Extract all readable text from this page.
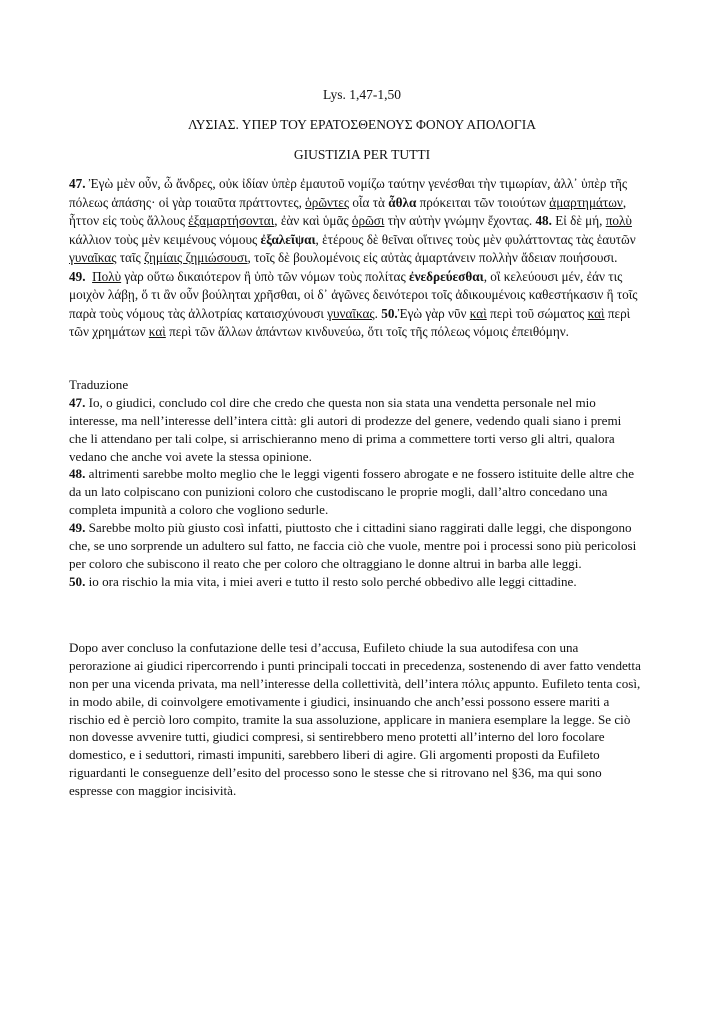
Lys. 1,47-1,50
ΛΥΣΙΑΣ. ΥΠΕΡ ΤΟΥ ΕΡΑΤΟΣΘΕΝΟΥΣ ΦΟΝΟΥ ΑΠΟΛΟΓΙΑ
GIUSTIZIA PER TUTTI
47. Ἐγὼ μὲν οὖν, ὦ ἄνδρες, οὐκ ἰδίαν ὑπὲρ ἐμαυτοῦ νομίζω ταύτην γενέσθαι τὴν τιμωρίαν, ἀλλ᾽ ὑπὲρ τῆς
πόλεως ἁπάσης· οἱ γὰρ τοιαῦτα πράττοντες, ὁρῶντες οἷα τὰ ἆθλα πρόκειται τῶν τοιούτων ἁμαρτημάτων,
ἧττον εἰς τοὺς ἄλλους ἐξαμαρτήσονται, ἐὰν καὶ ὑμᾶς ὁρῶσι τὴν αὐτὴν γνώμην ἔχοντας. 48. Εἰ δὲ μή, πολὺ
κάλλιον τοὺς μὲν κειμένους νόμους ἐξαλεῖψαι, ἑτέρους δὲ θεῖναι οἵτινες τοὺς μὲν φυλάττοντας τὰς ἑαυτῶν
γυναῖκας ταῖς ζημίαις ζημιώσουσι, τοῖς δὲ βουλομένοις εἰς αὐτὰς ἁμαρτάνειν πολλὴν ἄδειαν ποιήσουσι.
49. Πολὺ γὰρ οὕτω δικαιότερον ἢ ὑπὸ τῶν νόμων τοὺς πολίτας ἐνεδρεύεσθαι, οἳ κελεύουσι μέν, ἐάν τις
μοιχὸν λάβῃ, ὅ τι ἂν οὖν βούληται χρῆσθαι, οἱ δ᾽ ἀγῶνες δεινότεροι τοῖς ἀδικουμένοις καθεστήκασιν ἢ τοῖς
παρὰ τοὺς νόμους τὰς ἀλλοτρίας καταισχύνουσι γυναῖκας. 50.Ἐγὼ γὰρ νῦν καὶ περὶ τοῦ σώματος καὶ περὶ
τῶν χρημάτων καὶ περὶ τῶν ἄλλων ἁπάντων κινδυνεύω, ὅτι τοῖς τῆς πόλεως νόμοις ἐπειθόμην.
Traduzione
47. Io, o giudici, concludo col dire che credo che questa non sia stata una vendetta personale nel mio
interesse, ma nell’interesse dell’intera città: gli autori di prodezze del genere, vedendo quali siano i premi
che li attendano per tali colpe, si arrischieranno meno di prima a commettere torti verso gli altri, qualora
vedano che anche voi avete la stessa opinione.
48. altrimenti sarebbe molto meglio che le leggi vigenti fossero abrogate e ne fossero istituite delle altre che
da un lato colpiscano con punizioni coloro che custodiscano le proprie mogli, dall’altro concedano una
completa impunità a coloro che vogliono sedurle.
49. Sarebbe molto più giusto così infatti, piuttosto che i cittadini siano raggirati dalle leggi, che dispongono
che, se uno sorprende un adultero sul fatto, ne faccia ciò che vuole, mentre poi i processi sono più pericolosi
per coloro che subiscono il reato che per coloro che oltraggiano le donne altrui in barba alle leggi.
50. io ora rischio la mia vita, i miei averi e tutto il resto solo perché obbedivo alle leggi cittadine.
Dopo aver concluso la confutazione delle tesi d’accusa, Eufileto chiude la sua autodifesa con una
perorazione ai giudici ripercorrendo i punti principali toccati in precedenza, sostenendo di aver fatto vendetta
non per una vicenda privata, ma nell’interesse della collettività, dell’intera πόλις appunto. Eufileto tenta così,
in modo abile, di coinvolgere emotivamente i giudici, insinuando che anch’essi possono essere mariti a
rischio ed è perciò loro compito, tramite la sua assoluzione, applicare in maniera esemplare la legge. Se ciò
non dovesse avvenire tutti, giudici compresi, si sentirebbero meno protetti all’interno del loro focolare
domestico, e i seduttori, rimasti impuniti, sarebbero liberi di agire. Gli argomenti proposti da Eufileto
riguardanti le conseguenze dell’esito del processo sono le stesse che si ritrovano nel §36, ma qui sono
espresse con maggior incisività.
